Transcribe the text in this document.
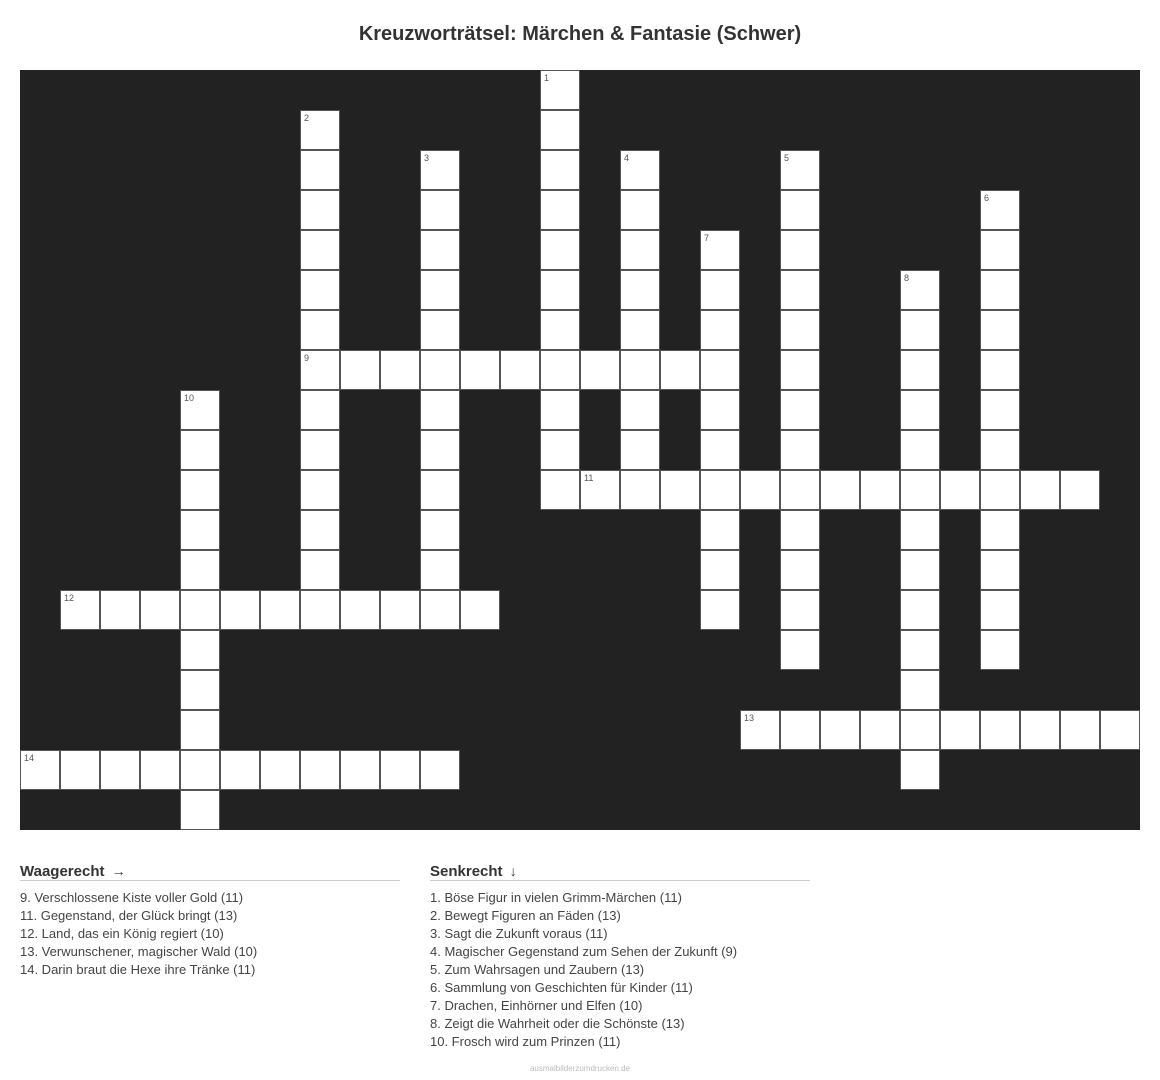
Kreuzworträtsel: Märchen & Fantasie (Schwer)
1
2
9
3	4	5
6
7
8
10
11
12
13
14
Waagerecht →
9. Verschlossene Kiste voller Gold (11)
11. Gegenstand, der Glück bringt (13)
12. Land, das ein König regiert (10)
13. Verwunschener, magischer Wald (10)
14. Darin braut die Hexe ihre Tränke (11)
Senkrecht ↓
1. Böse Figur in vielen Grimm-Märchen (11)
2. Bewegt Figuren an Fäden (13)
3. Sagt die Zukunft voraus (11)
4. Magischer Gegenstand zum Sehen der Zukunft (9)
5. Zum Wahrsagen und Zaubern (13)
6. Sammlung von Geschichten für Kinder (11)
7. Drachen, Einhörner und Elfen (10)
8. Zeigt die Wahrheit oder die Schönste (13)
10. Frosch wird zum Prinzen (11)
ausmalbilderzumdrucken.de
